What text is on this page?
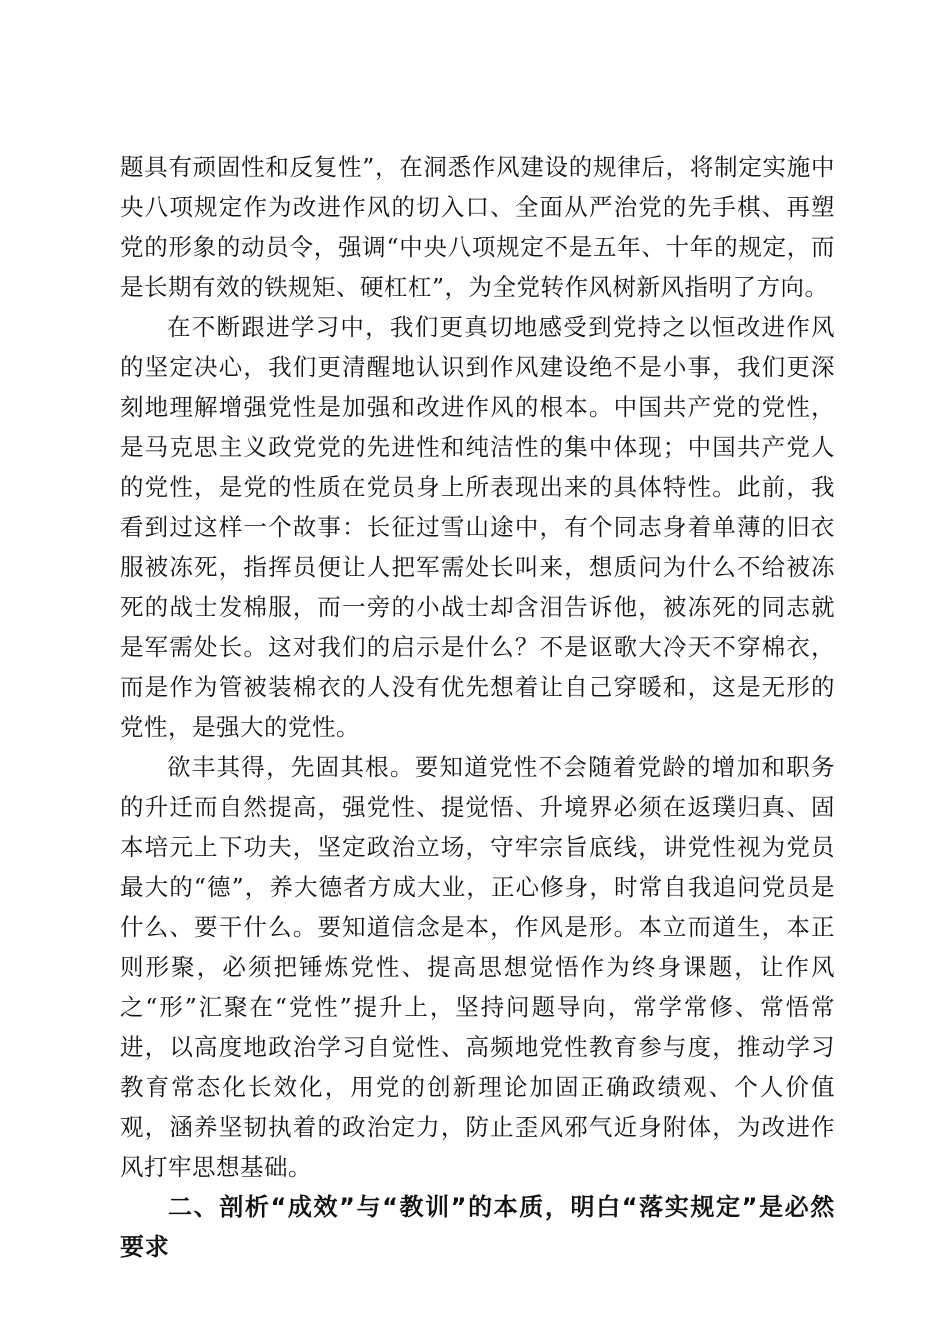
题具有顽固性和反复性”，在洞悉作风建设的规律后，将制定实施中央八项规定作为改进作风的切入口、全面从严治党的先手棋、再塑党的形象的动员令，强调“中央八项规定不是五年、十年的规定，而是长期有效的铁规矩、硬杠杠”，为全党转作风树新风指明了方向。

在不断跟进学习中，我们更真切地感受到党持之以恒改进作风的坚定决心，我们更清醒地认识到作风建设绝不是小事，我们更深刻地理解增强党性是加强和改进作风的根本。中国共产党的党性，是马克思主义政党党的先进性和纯洁性的集中体现；中国共产党人的党性，是党的性质在党员身上所表现出来的具体特性。此前，我看到过这样一个故事：长征过雪山途中，有个同志身着单薄的旧衣服被冻死，指挥员便让人把军需处长叫来，想质问为什么不给被冻死的战士发棉服，而一旁的小战士却含泪告诉他，被冻死的同志就是军需处长。这对我们的启示是什么？不是讴歌大冷天不穿棉衣，而是作为管被装棉衣的人没有优先想着让自己穿暖和，这是无形的党性，是强大的党性。

欲丰其得，先固其根。要知道党性不会随着党龄的增加和职务的升迁而自然提高，强党性、提觉悟、升境界必须在返璞归真、固本培元上下功夫，坚定政治立场，守牢宗旨底线，讲党性视为党员最大的“德”，养大德者方成大业，正心修身，时常自我追问党员是什么、要干什么。要知道信念是本，作风是形。本立而道生，本正则形聚，必须把锤炼党性、提高思想觉悟作为终身课题，让作风之“形”汇聚在“党性”提升上，坚持问题导向，常学常修、常悟常进，以高度地政治学习自觉性、高频地党性教育参与度，推动学习教育常态化长效化，用党的创新理论加固正确政绩观、个人价值观，涵养坚韧执着的政治定力，防止歪风邪气近身附体，为改进作风打牢思想基础。

二、剖析“成效”与“教训”的本质，明白“落实规定”是必然要求
